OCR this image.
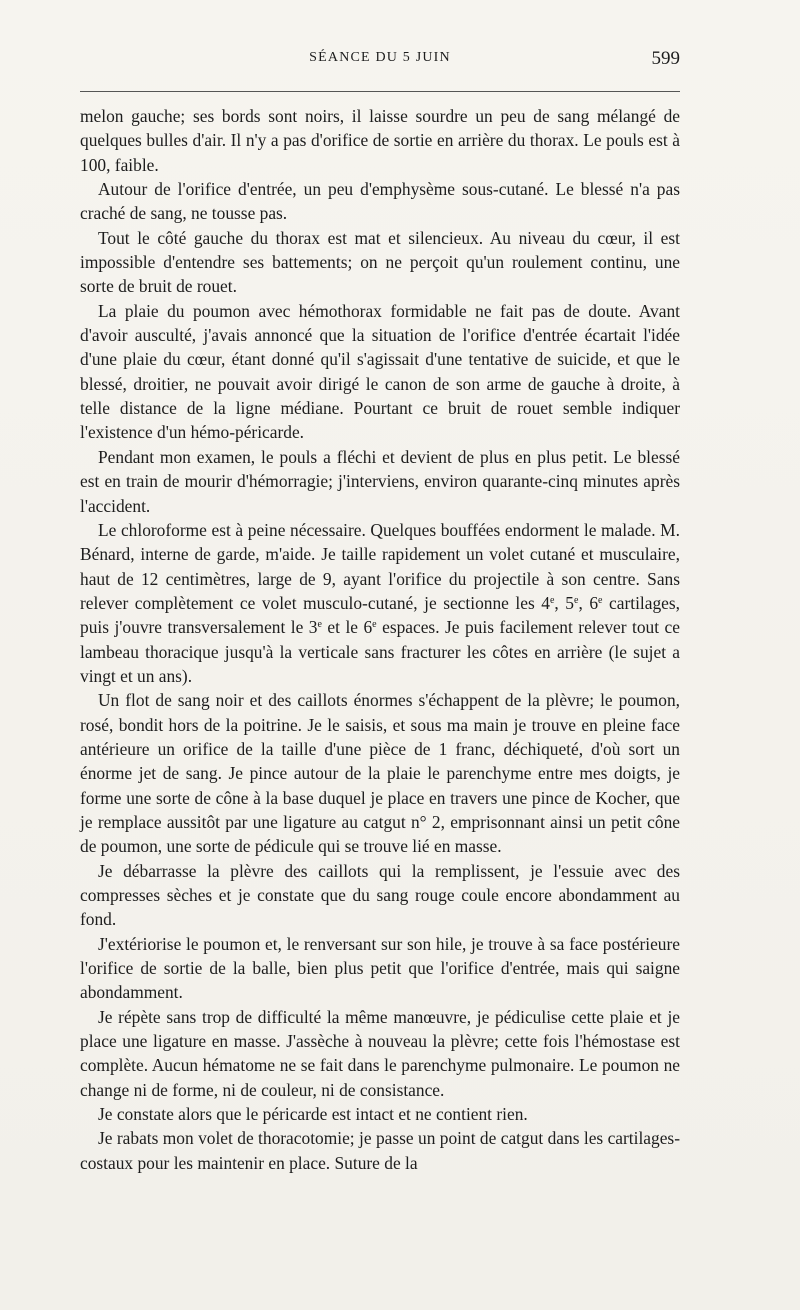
SÉANCE DU 5 JUIN	599

melon gauche; ses bords sont noirs, il laisse sourdre un peu de sang mélangé de quelques bulles d'air. Il n'y a pas d'orifice de sortie en arrière du thorax. Le pouls est à 100, faible.

Autour de l'orifice d'entrée, un peu d'emphysème sous-cutané. Le blessé n'a pas craché de sang, ne tousse pas.

Tout le côté gauche du thorax est mat et silencieux. Au niveau du cœur, il est impossible d'entendre ses battements; on ne perçoit qu'un roulement continu, une sorte de bruit de rouet.

La plaie du poumon avec hémothorax formidable ne fait pas de doute. Avant d'avoir ausculté, j'avais annoncé que la situation de l'orifice d'entrée écartait l'idée d'une plaie du cœur, étant donné qu'il s'agissait d'une tentative de suicide, et que le blessé, droitier, ne pouvait avoir dirigé le canon de son arme de gauche à droite, à telle distance de la ligne médiane. Pourtant ce bruit de rouet semble indiquer l'existence d'un hémo-péricarde.

Pendant mon examen, le pouls a fléchi et devient de plus en plus petit. Le blessé est en train de mourir d'hémorragie; j'interviens, environ quarante-cinq minutes après l'accident.

Le chloroforme est à peine nécessaire. Quelques bouffées endorment le malade. M. Bénard, interne de garde, m'aide. Je taille rapidement un volet cutané et musculaire, haut de 12 centimètres, large de 9, ayant l'orifice du projectile à son centre. Sans relever complètement ce volet musculo-cutané, je sectionne les 4e, 5e, 6e cartilages, puis j'ouvre transversalement le 3e et le 6e espaces. Je puis facilement relever tout ce lambeau thoracique jusqu'à la verticale sans fracturer les côtes en arrière (le sujet a vingt et un ans).

Un flot de sang noir et des caillots énormes s'échappent de la plèvre; le poumon, rosé, bondit hors de la poitrine. Je le saisis, et sous ma main je trouve en pleine face antérieure un orifice de la taille d'une pièce de 1 franc, déchiqueté, d'où sort un énorme jet de sang. Je pince autour de la plaie le parenchyme entre mes doigts, je forme une sorte de cône à la base duquel je place en travers une pince de Kocher, que je remplace aussitôt par une ligature au catgut n° 2, emprisonnant ainsi un petit cône de poumon, une sorte de pédicule qui se trouve lié en masse.

Je débarrasse la plèvre des caillots qui la remplissent, je l'essuie avec des compresses sèches et je constate que du sang rouge coule encore abondamment au fond.

J'extériorise le poumon et, le renversant sur son hile, je trouve à sa face postérieure l'orifice de sortie de la balle, bien plus petit que l'orifice d'entrée, mais qui saigne abondamment.

Je répète sans trop de difficulté la même manœuvre, je pédiculise cette plaie et je place une ligature en masse. J'assèche à nouveau la plèvre; cette fois l'hémostase est complète. Aucun hématome ne se fait dans le parenchyme pulmonaire. Le poumon ne change ni de forme, ni de couleur, ni de consistance.

Je constate alors que le péricarde est intact et ne contient rien.

Je rabats mon volet de thoracotomie; je passe un point de catgut dans les cartilages-costaux pour les maintenir en place. Suture de la
